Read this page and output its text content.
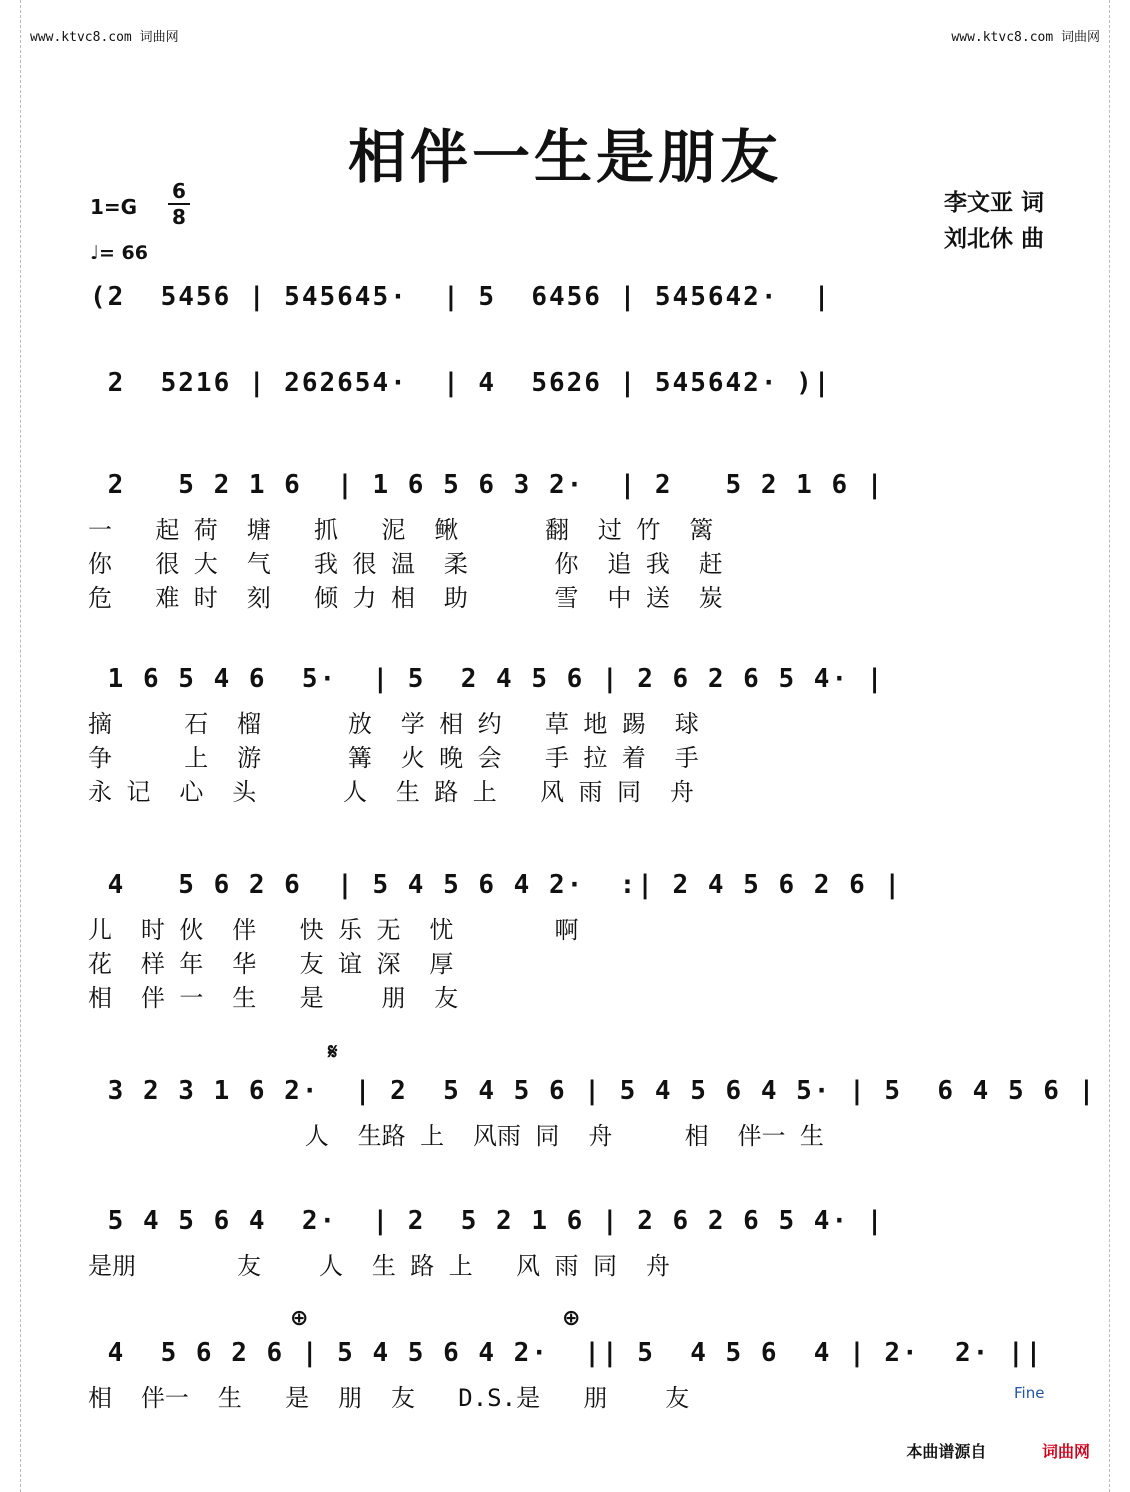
www.ktvc8.com 词曲网	www.ktvc8.com 词曲网
相伴一生是朋友
1=G
6
8
♩= 66
李文亚 词
刘北休 曲
(2  5456 | 545645·  | 5  6456 | 545642·  |
2  5216 | 262654·  | 4  5626 | 545642· )|
2   5 2 1 6  | 1 6 5 6 3 2·  | 2   5 2 1 6 |
一   起 荷  塘   抓   泥  鳅      翻  过 竹  篱
你   很 大  气   我 很 温  柔      你  追 我  赶
危   难 时  刻   倾 力 相  助      雪  中 送  炭
1 6 5 4 6  5·  | 5  2 4 5 6 | 2 6 2 6 5 4· |
摘     石  榴      放  学 相 约   草 地 踢  球
争     上  游      篝  火 晚 会   手 拉 着  手
永 记  心  头      人  生 路 上   风 雨 同  舟
4   5 6 2 6  | 5 4 5 6 4 2·  :| 2 4 5 6 2 6 |
儿  时 伙  伴   快 乐 无  忧       啊
花  样 年  华   友 谊 深  厚
相  伴 一  生   是    朋  友
𝄋
3 2 3 1 6 2·  | 2  5 4 5 6 | 5 4 5 6 4 5· | 5  6 4 5 6 |
人  生路 上  风雨 同  舟     相  伴一 生
5 4 5 6 4  2·  | 2  5 2 1 6 | 2 6 2 6 5 4· |
是朋       友    人  生 路 上   风 雨 同  舟
⊕	⊕
4  5 6 2 6 | 5 4 5 6 4 2·  || 5  4 5 6  4 | 2·  2· ||
相  伴一  生   是  朋  友   D.S.是   朋    友	Fine
本曲谱源自	词曲网
